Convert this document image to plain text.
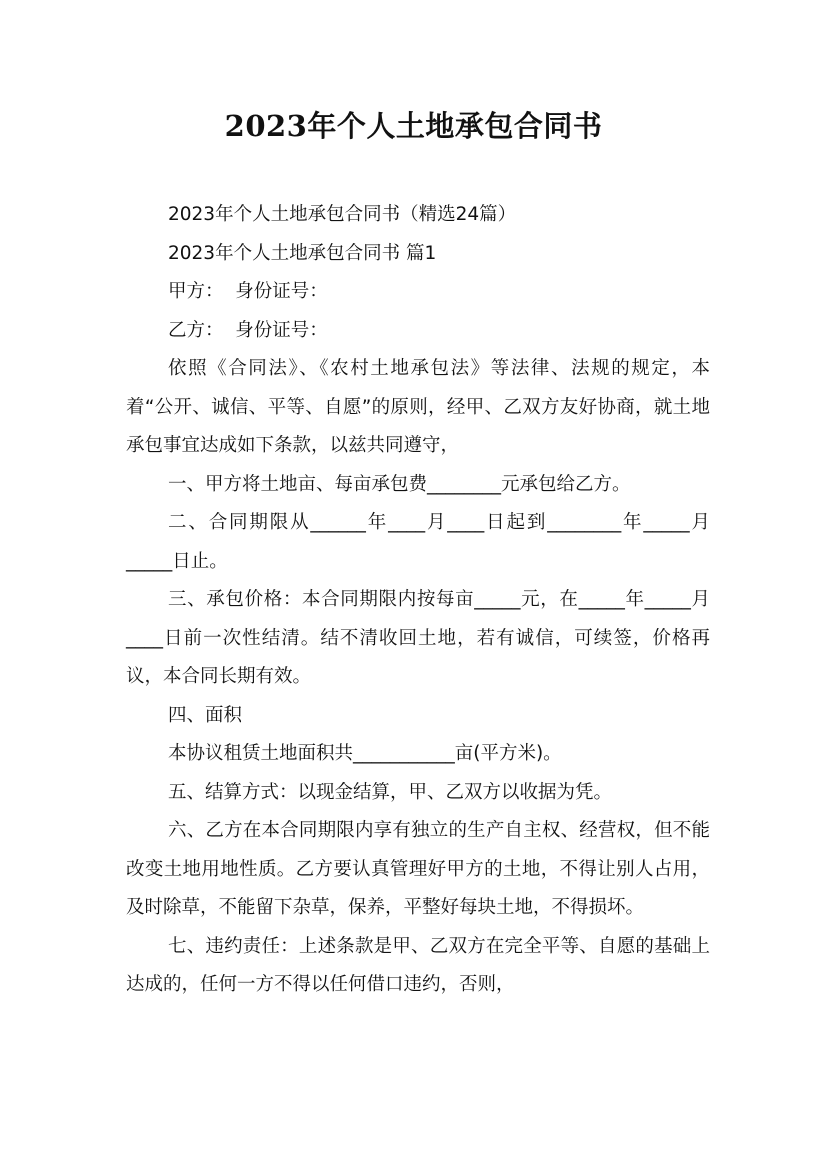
2023年个人土地承包合同书

2023年个人土地承包合同书（精选24篇）

2023年个人土地承包合同书 篇1

甲方：  身份证号：

乙方：  身份证号：

依照《合同法》、《农村土地承包法》等法律、法规的规定，本着“公开、诚信、平等、自愿”的原则，经甲、乙双方友好协商，就土地承包事宜达成如下条款，以兹共同遵守，

一、甲方将土地亩、每亩承包费________元承包给乙方。

二、合同期限从______年____月____日起到________年_____月_____日止。

三、承包价格：本合同期限内按每亩_____元，在_____年_____月____日前一次性结清。结不清收回土地，若有诚信，可续签，价格再议，本合同长期有效。

四、面积

本协议租赁土地面积共___________亩(平方米)。

五、结算方式：以现金结算，甲、乙双方以收据为凭。

六、乙方在本合同期限内享有独立的生产自主权、经营权，但不能改变土地用地性质。乙方要认真管理好甲方的土地，不得让别人占用，及时除草，不能留下杂草，保养，平整好每块土地，不得损坏。

七、违约责任：上述条款是甲、乙双方在完全平等、自愿的基础上达成的，任何一方不得以任何借口违约，否则，
